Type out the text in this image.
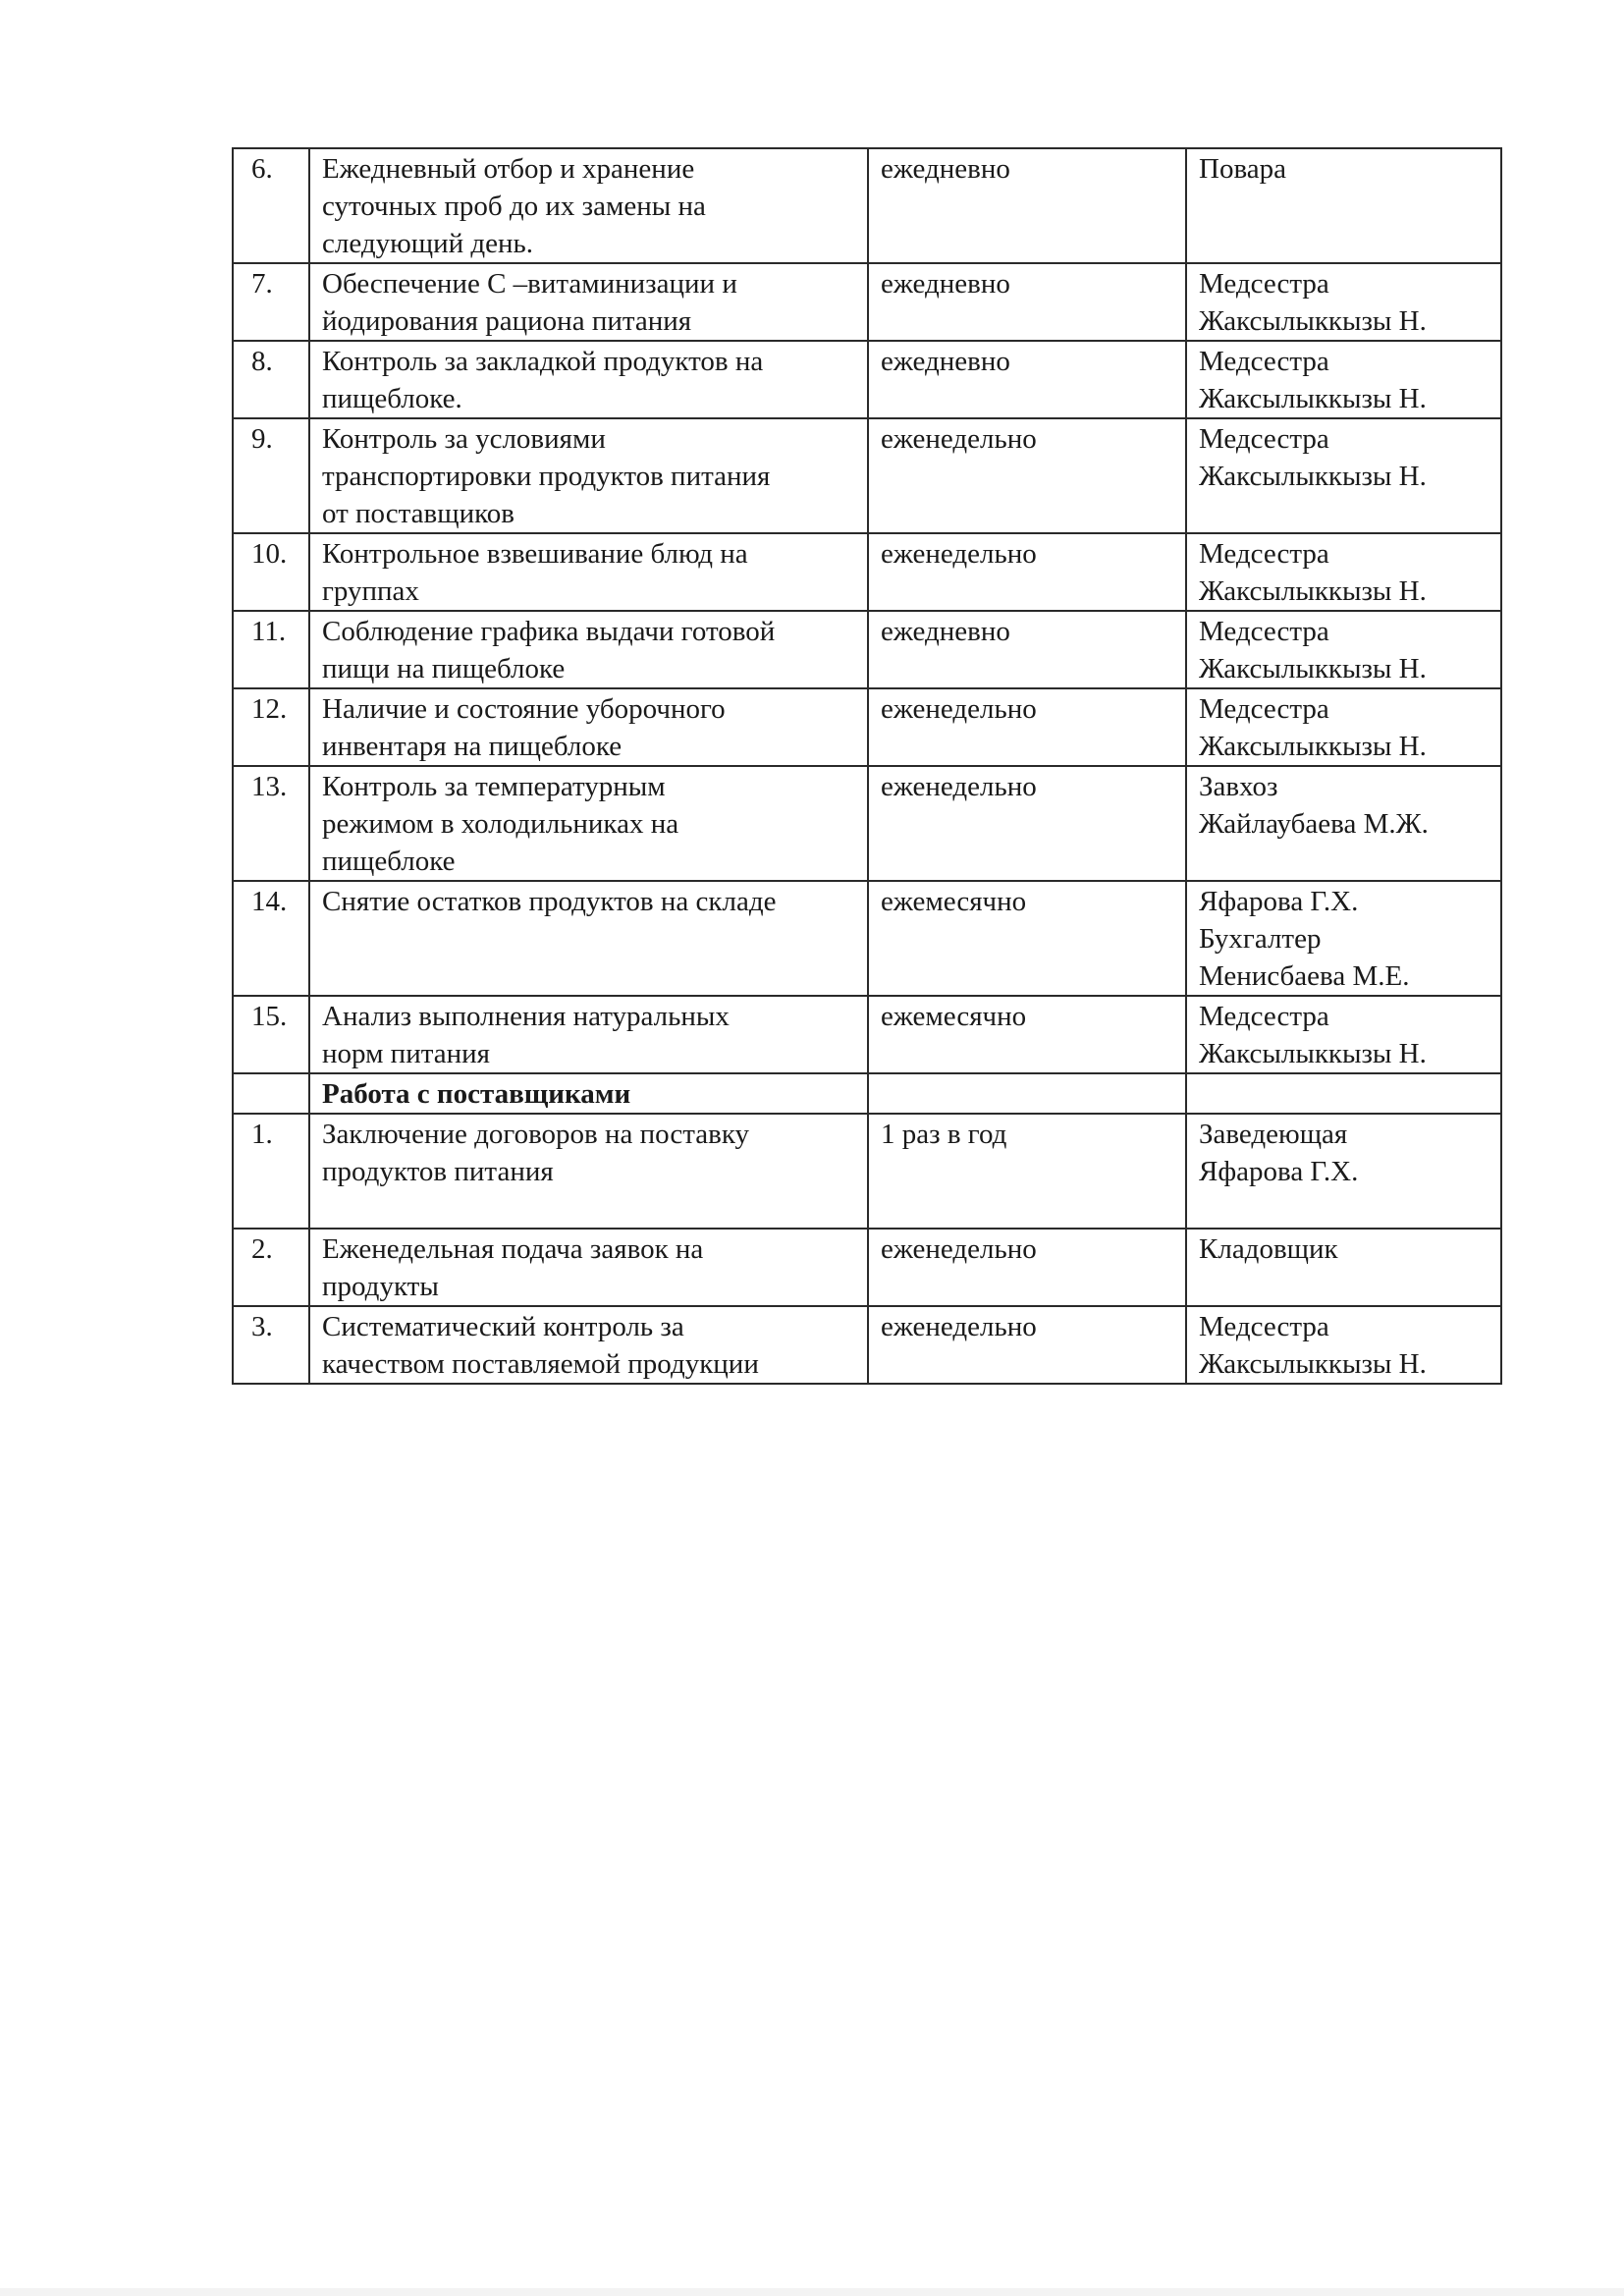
6.	Ежедневный отбор и хранение
суточных проб до их замены на
следующий день.	ежедневно	Повара
7.	Обеспечение С –витаминизации и
йодирования рациона питания	ежедневно	Медсестра
Жаксылыккызы Н.
8.	Контроль за закладкой продуктов на
пищеблоке.	ежедневно	Медсестра
Жаксылыккызы Н.
9.	Контроль за условиями
транспортировки продуктов питания
от поставщиков	еженедельно	Медсестра
Жаксылыккызы Н.
10.	Контрольное взвешивание блюд на
группах	еженедельно	Медсестра
Жаксылыккызы Н.
11.	Соблюдение графика выдачи готовой
пищи на пищеблоке	ежедневно	Медсестра
Жаксылыккызы Н.
12.	Наличие и состояние уборочного
инвентаря на пищеблоке	еженедельно	Медсестра
Жаксылыккызы Н.
13.	Контроль за температурным
режимом в холодильниках на
пищеблоке	еженедельно	Завхоз
Жайлаубаева М.Ж.
14.	Снятие остатков продуктов на складе	ежемесячно	Яфарова Г.Х.
Бухгалтер
Менисбаева М.Е.
15.	Анализ выполнения натуральных
норм питания	ежемесячно	Медсестра
Жаксылыккызы Н.
	Работа с поставщиками		
1.	Заключение договоров на поставку
продуктов питания	1 раз в год	Заведеющая
Яфарова Г.Х.
2.	Еженедельная подача заявок на
продукты	еженедельно	Кладовщик
3.	Систематический контроль за
качеством поставляемой продукции	еженедельно	Медсестра
Жаксылыккызы Н.
